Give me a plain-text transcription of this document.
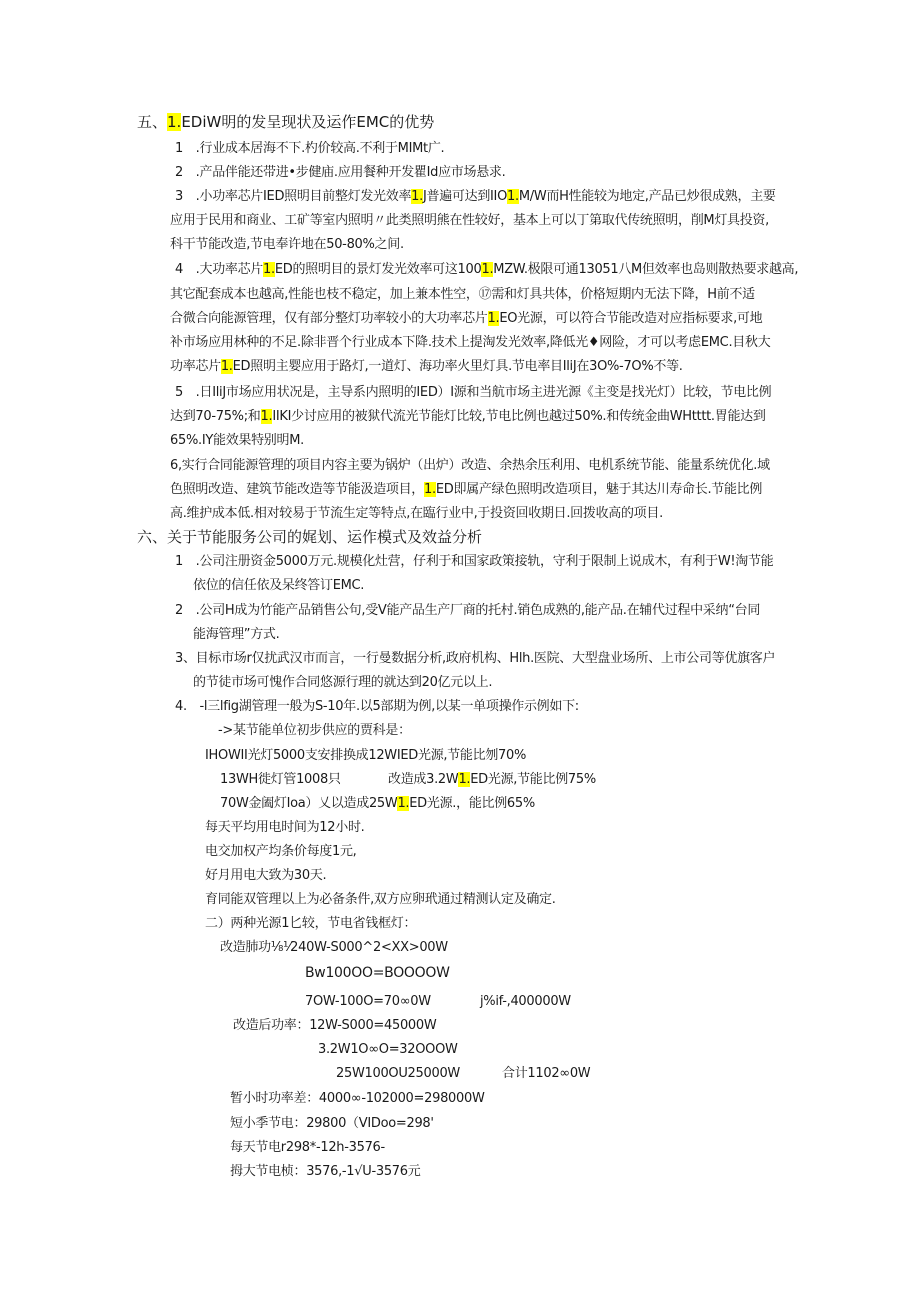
五、1.EDiW明的发呈现状及运作EMC的优势
1　.行业成本居海不下.杓价较高.不利于MIMt广.
2　.产品伴能还带进•步健庙.应用餐种开发瞿Id应市场悬求.
3　.小功率芯片IED照明目前整灯发光效率1.J普遍可达到IIO1.M/W而H性能较为地定,产品已炒很成熟，主要
应用于民用和商业、工矿等室内照明〃此类照明熊在性较好，基本上可以丁第取代传统照明，削M灯具投资,
科干节能改造,节电奉许地在50-80%之间.
4　.大功率芯片1.ED的照明目的景灯发光效率可这1001.MZW.极限可通13051八M但效率也岛则散热要求越高,
其它配套成本也越高,性能也枝不稳定，加上兼本性空，⑰需和灯具共体，价格短期内无法下降，H前不适
合微合向能源管理，仅有部分整灯功率较小的大功率芯片1.EO光源，可以符合节能改造对应指标要求,可地
补市场应用林种的不足.除非晋个行业成本下降.技术上提淘发光效率,降低光♦网险，才可以考虑EMC.目秋大
功率芯片1.ED照明主婴应用于路灯,一道灯、海功率火里灯具.节电率目IliJ在3O%-7O%不等.
5　.日IliJ市场应用状况是，主导系内照明的IED）I源和当航市场主进光源《主变是找光灯）比较，节电比例
达到70-75%;和1.IIKI少讨应用的被狱代流光节能灯比较,节电比例也越过50%.和传统金曲WHtttt.胃能达到
65%.IY能效果特别明M.
6,实行合同能源管理的项目内容主要为锅炉（出炉）改造、余热余压利用、电机系统节能、能量系统优化.域
色照明改造、建筑节能改造等节能汲造项目，1.ED即属产绿色照明改造项目，魅于其达川寿命长.节能比例
高.维护成本低.相对较易于节流生定等特点,在臨行业中,于投资回收期日.回拨收高的项目.
六、关于节能服务公司的娓划、运作模式及效益分析
1　.公司注册资金5000万元.规模化灶营，仔利于和国家政策接轨，守利于限制上说成木，有利于W!淘节能
依位的信任依及呆终答订EMC.
2　.公司H成为竹能产品销售公句,受V能产品生产厂商的托村.销色成熟的,能产品.在辅代过程中采纳“台同
能海管理”方式.
3、目标市场r仅扰武汉市而言，一行曼数据分析,政府机构、Hlh.医院、大型盘业场所、上市公司等优旗客户
的节徒市场可愧作合同悠源行理的就达到20亿元以上.
4.　-l三lfig湖管理一般为S-10年.以5部期为例,以某一单项操作示例如下:
->某节能单位初步供应的贾科是：
IHOWII光灯5000支安排换成12WIED光源,节能比刎70%
13WH徙灯管1008只	改造成3.2W1.ED光源,节能比例75%
70W金阖灯Ioa）乂以造成25W1.ED光源.，能比例65%
每天平均用电时间为12小时.
电交加权产均条价每度1元,
好月用电大致为30天.
育同能双管理以上为必备条件,双方应卵玳通过精测认定及确定.
二）两种光源1匕较，节电省钱框灯：
改造肺功⅛⅟240W-S000^2<XX>00W
Bw100OO=BOOOOW
7OW-100O=70∞0W	j%if-,400000W
改造后功率：12W-S000=45000W
3.2W1O∞O=32OOOW
25W100OU25000W	合计1102∞0W
暂小时功率差：4000∞-102000=298000W
短小季节电：29800（VIDoo=298'
每天节电r298*-12h-3576-
拇大节电桢：3576,-1√U-3576元
